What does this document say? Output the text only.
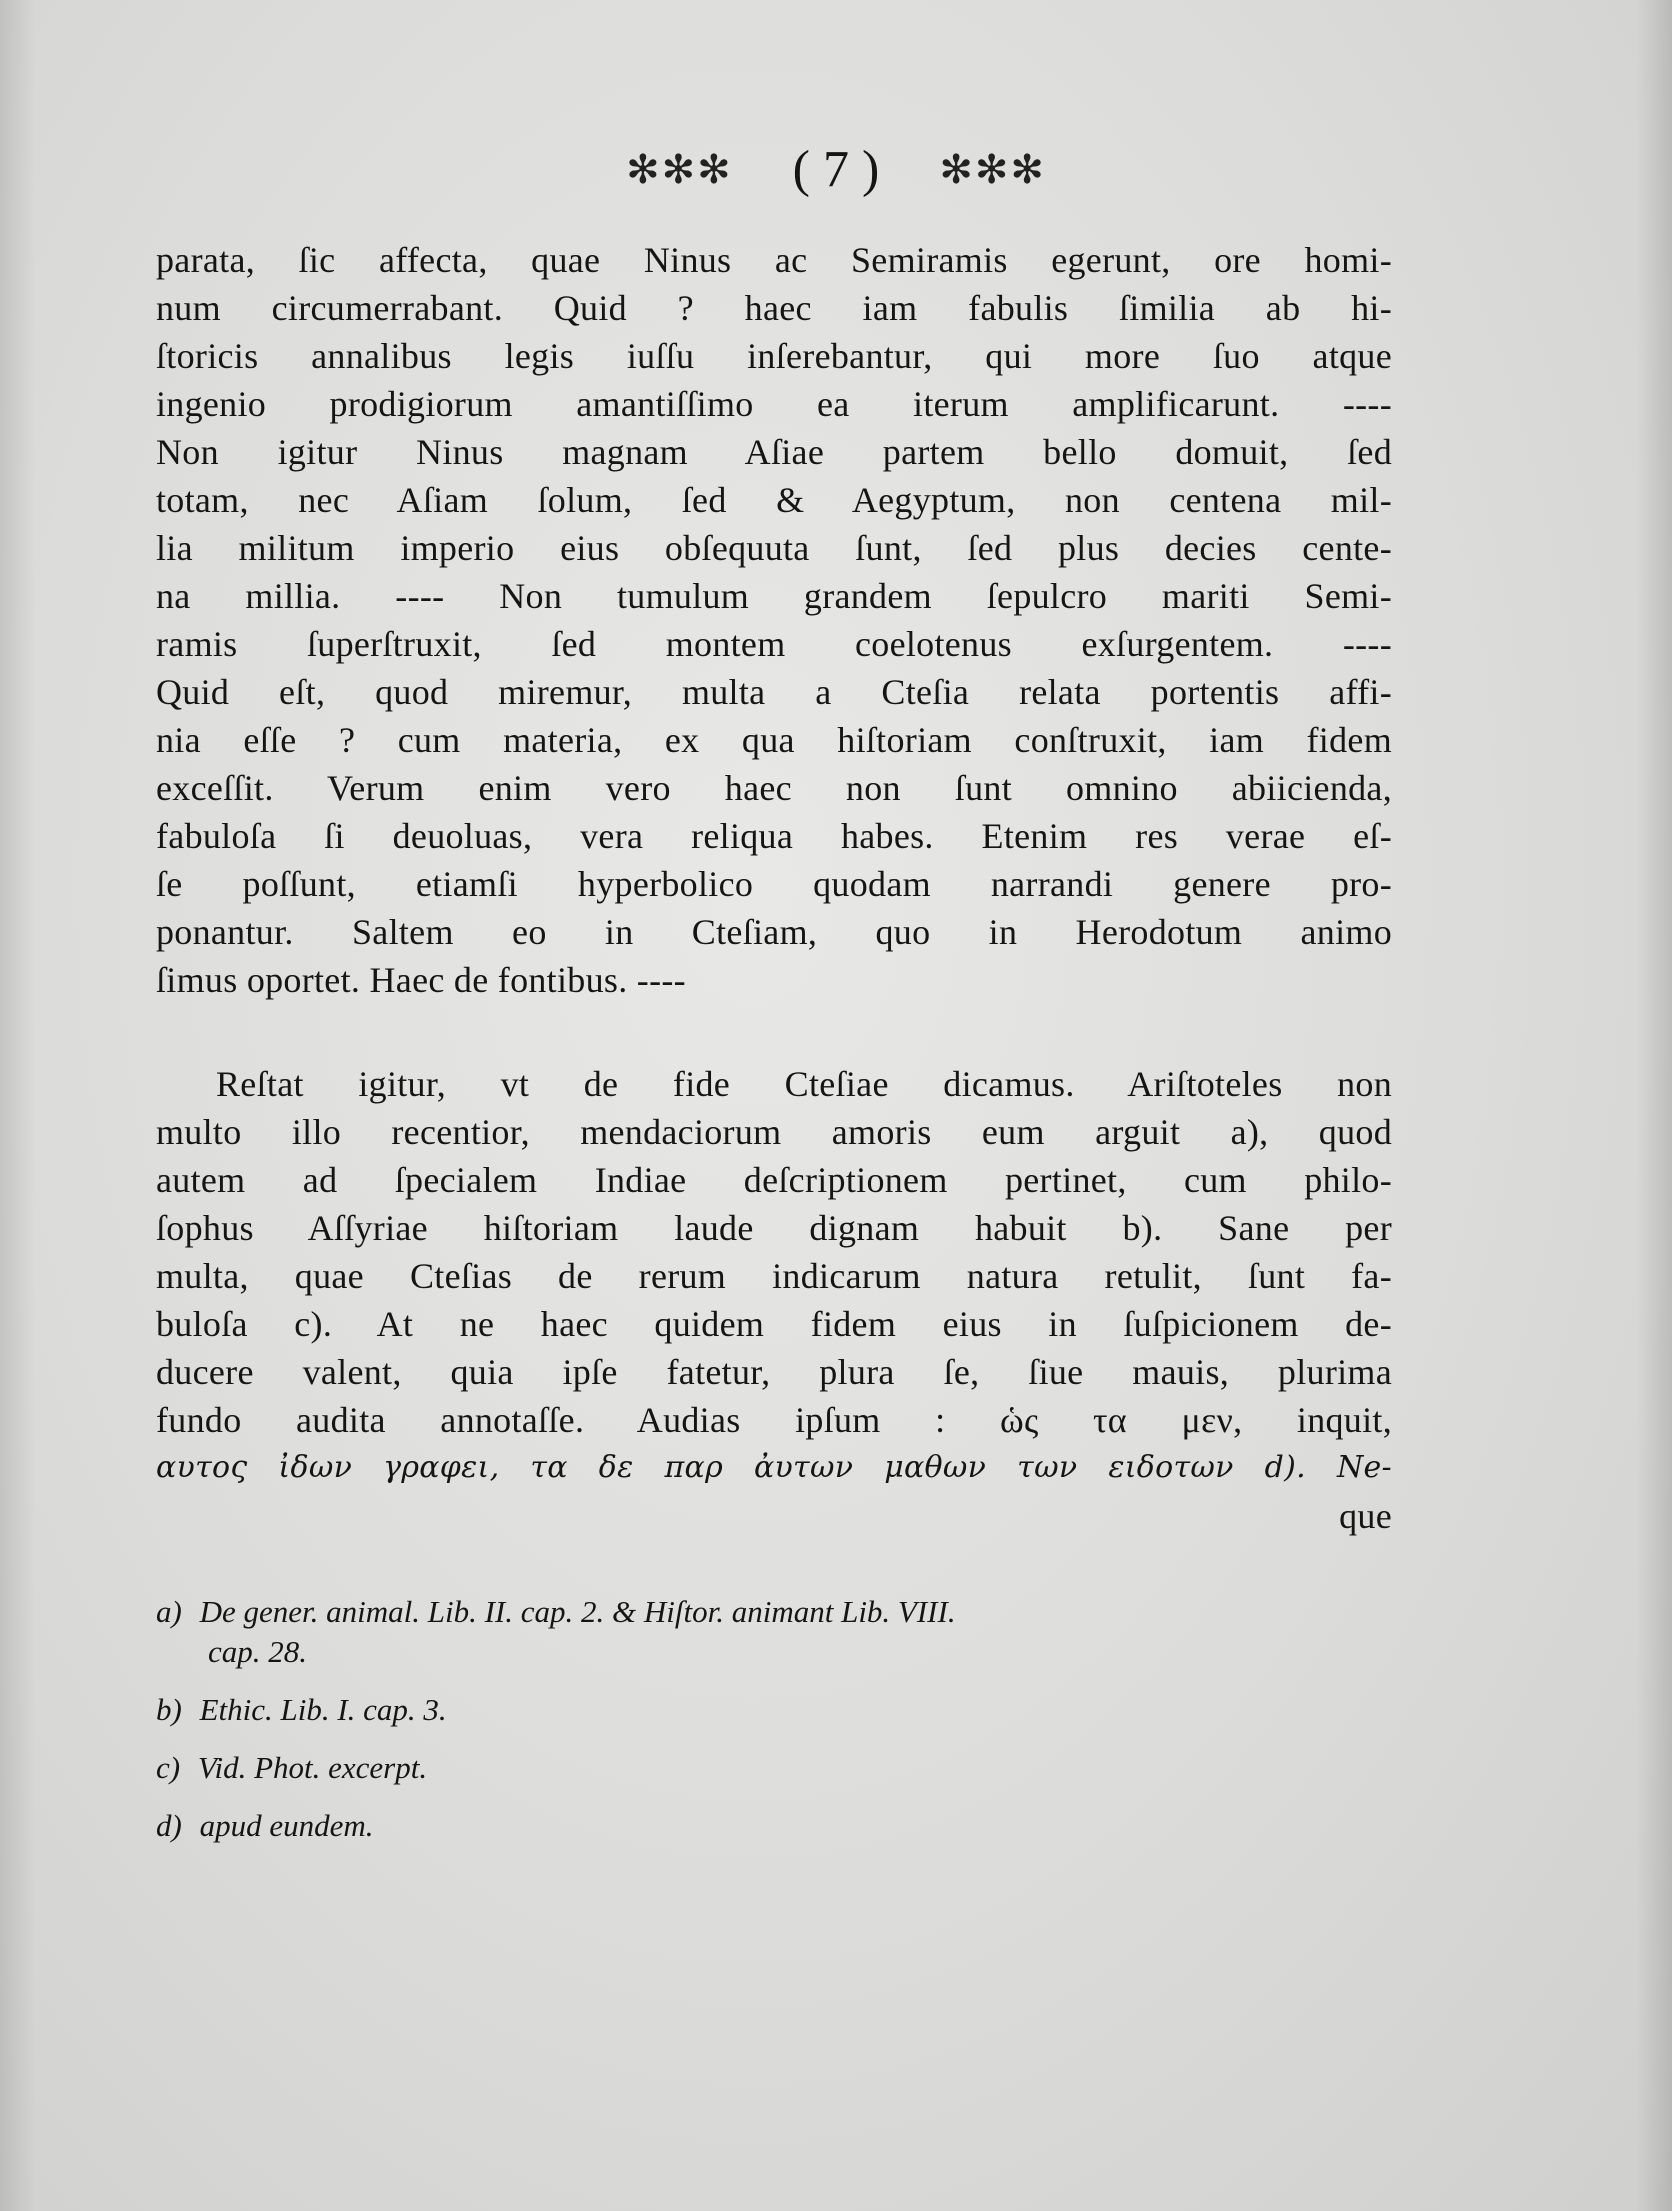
✻✻✻ ( 7 ) ✻✻✻
parata, ſic affecta, quae Ninus ac Semiramis egerunt, ore homi-
num circumerrabant. Quid ? haec iam fabulis ſimilia ab hi-
ſtoricis annalibus legis iuſſu inſerebantur, qui more ſuo atque
ingenio prodigiorum amantiſſimo ea iterum amplificarunt. ----
Non igitur Ninus magnam Aſiae partem bello domuit, ſed
totam, nec Aſiam ſolum, ſed & Aegyptum, non centena mil-
lia militum imperio eius obſequuta ſunt, ſed plus decies cente-
na millia. ---- Non tumulum grandem ſepulcro mariti Semi-
ramis ſuperſtruxit, ſed montem coelotenus exſurgentem. ----
Quid eſt, quod miremur, multa a Cteſia relata portentis affi-
nia eſſe ? cum materia, ex qua hiſtoriam conſtruxit, iam fidem
exceſſit. Verum enim vero haec non ſunt omnino abiicienda,
fabuloſa ſi deuoluas, vera reliqua habes. Etenim res verae eſ-
ſe poſſunt, etiamſi hyperbolico quodam narrandi genere pro-
ponantur. Saltem eo in Cteſiam, quo in Herodotum animo
ſimus oportet. Haec de fontibus. ----
Reſtat igitur, vt de fide Cteſiae dicamus. Ariſtoteles non
multo illo recentior, mendaciorum amoris eum arguit a), quod
autem ad ſpecialem Indiae deſcriptionem pertinet, cum philo-
ſophus Aſſyriae hiſtoriam laude dignam habuit b). Sane per
multa, quae Cteſias de rerum indicarum natura retulit, ſunt fa-
buloſa c). At ne haec quidem fidem eius in ſuſpicionem de-
ducere valent, quia ipſe fatetur, plura ſe, ſiue mauis, plurima
fundo audita annotaſſe. Audias ipſum : ὡς τα μεν, inquit,
αυτος ἰδων γραφει, τα δε παρ ἀυτων μαθων των ειδοτων d). Ne-
que
a) De gener. animal. Lib. II. cap. 2. & Hiſtor. animant Lib. VIII.
cap. 28.
b) Ethic. Lib. I. cap. 3.
c) Vid. Phot. excerpt.
d) apud eundem.
